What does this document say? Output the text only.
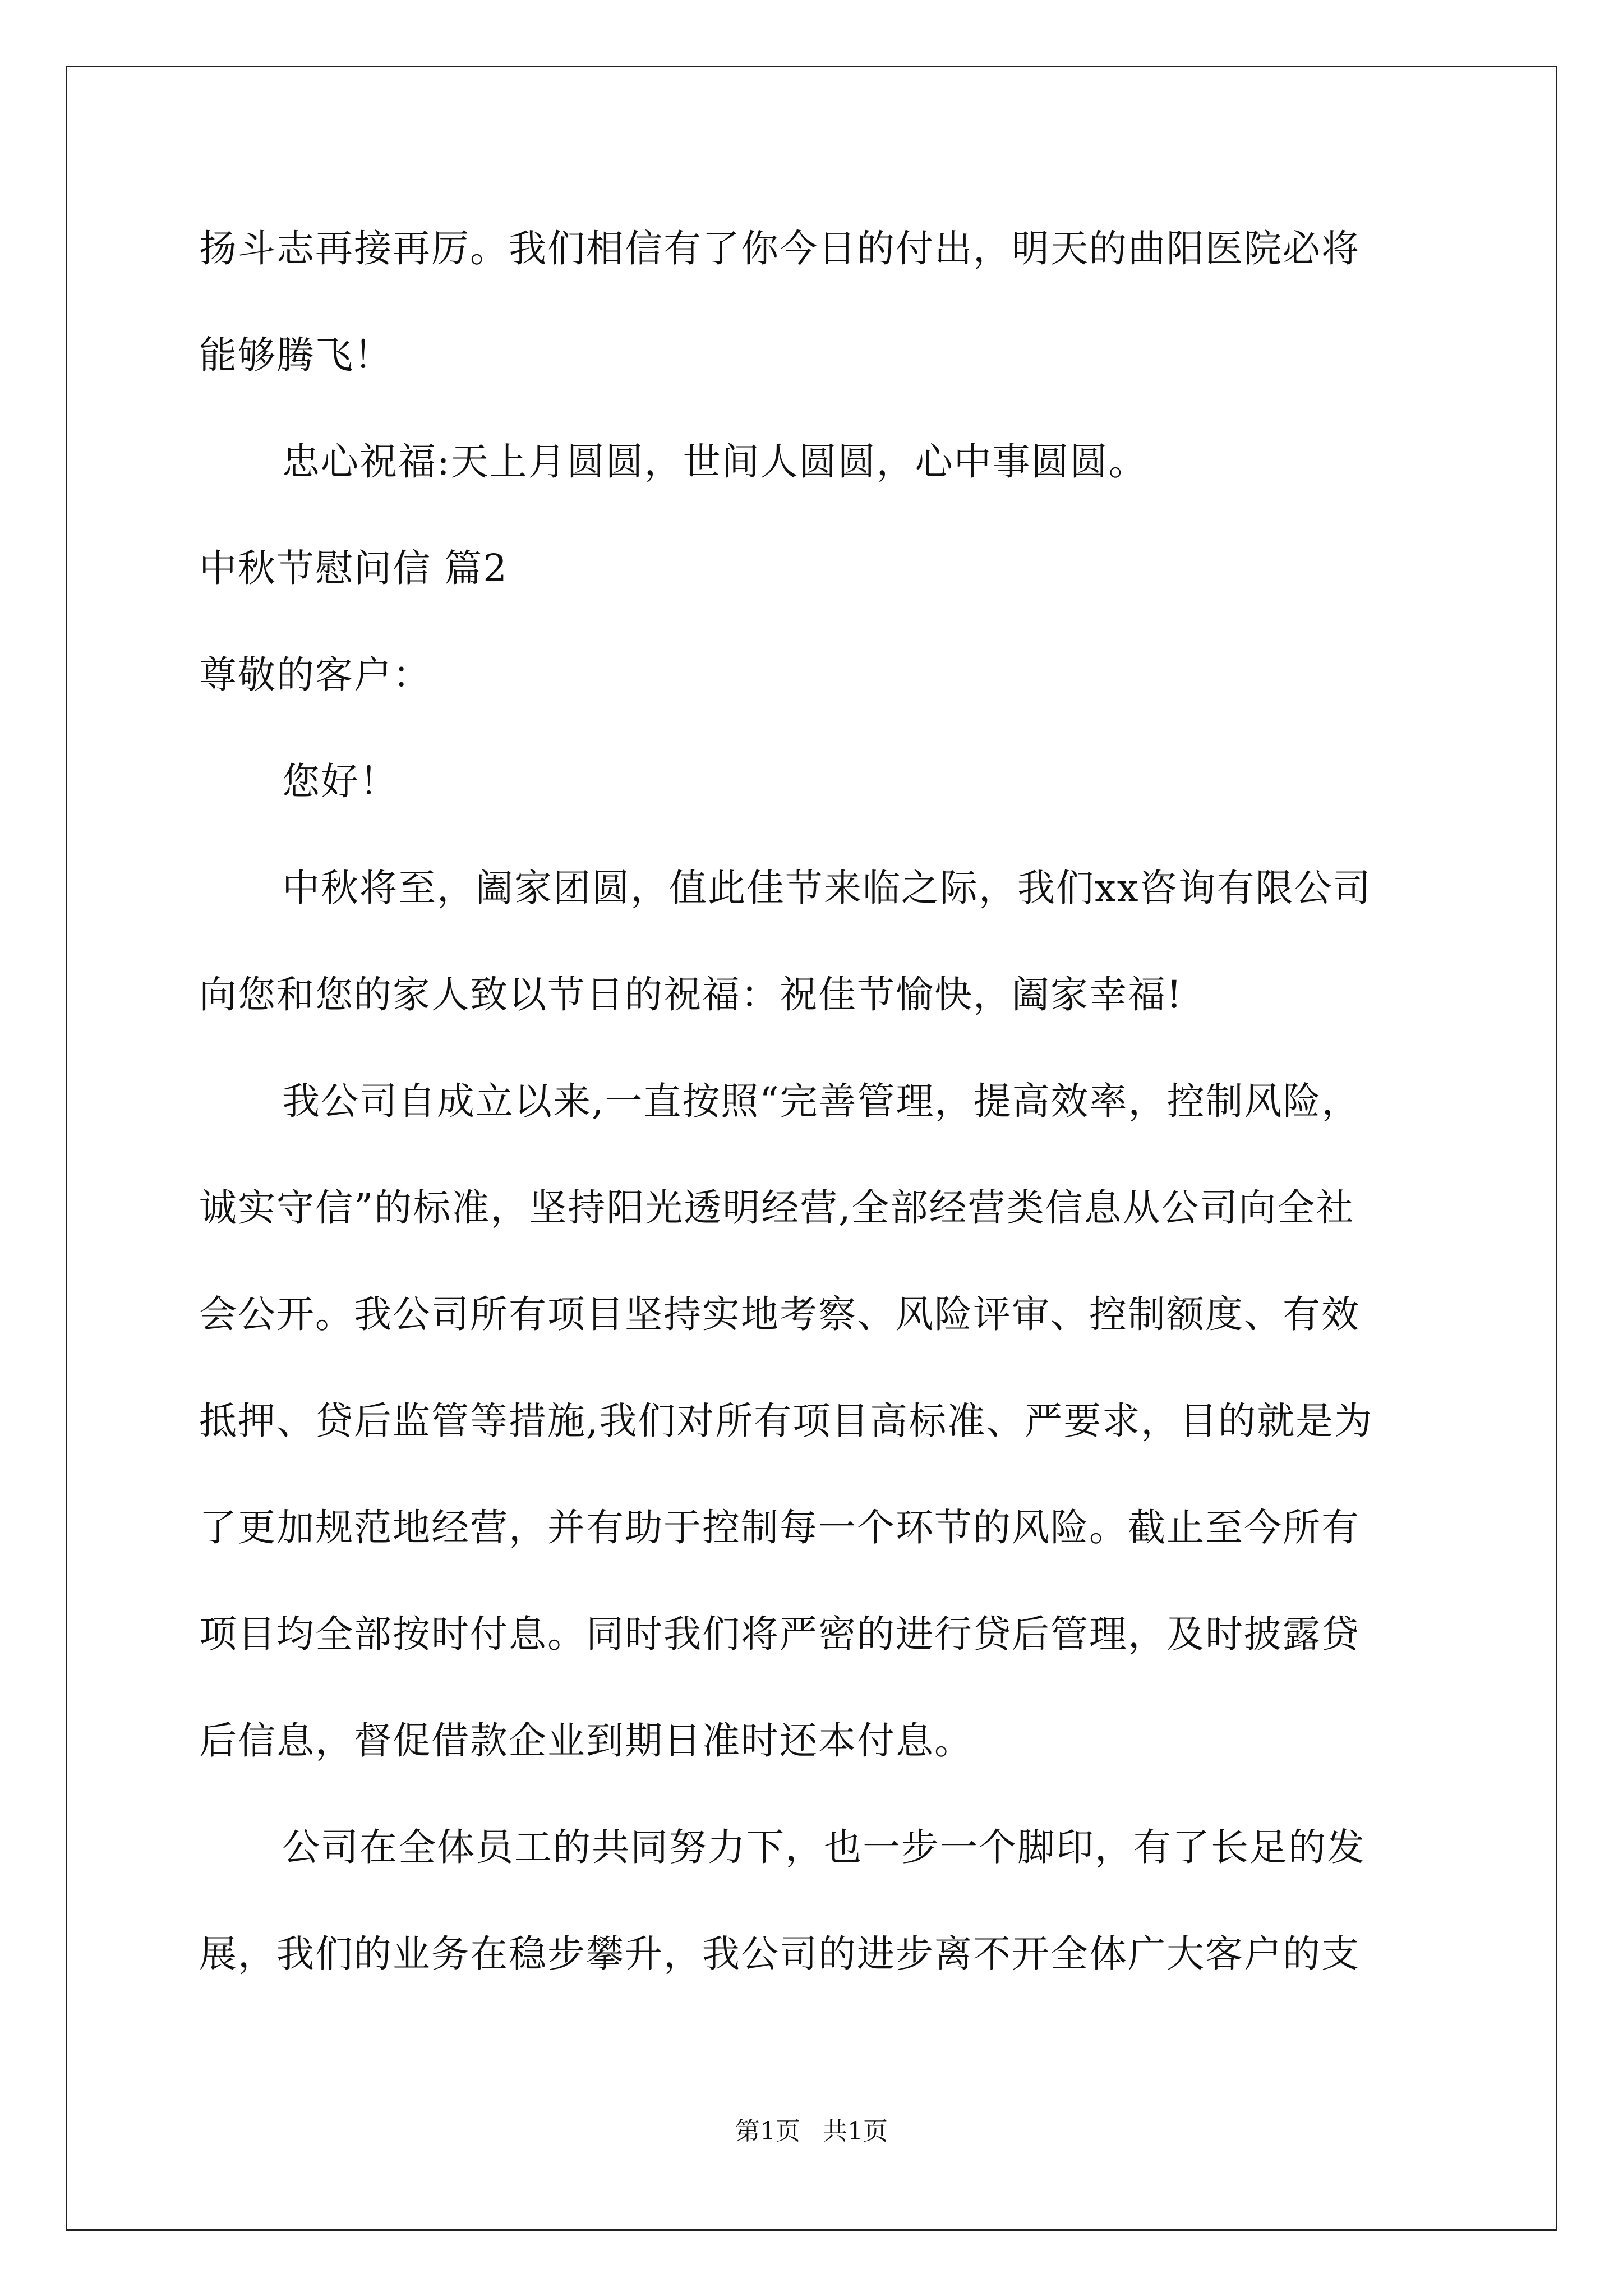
扬斗志再接再厉。我们相信有了你今日的付出，明天的曲阳医院必将
能够腾飞！
忠心祝福:天上月圆圆，世间人圆圆，心中事圆圆。
中秋节慰问信 篇2
尊敬的客户：
您好！
中秋将至，阖家团圆，值此佳节来临之际，我们xx咨询有限公司
向您和您的家人致以节日的祝福：祝佳节愉快，阖家幸福!
我公司自成立以来,一直按照“完善管理，提高效率，控制风险，
诚实守信”的标准，坚持阳光透明经营,全部经营类信息从公司向全社
会公开。我公司所有项目坚持实地考察、风险评审、控制额度、有效
抵押、贷后监管等措施,我们对所有项目高标准、严要求，目的就是为
了更加规范地经营，并有助于控制每一个环节的风险。截止至今所有
项目均全部按时付息。同时我们将严密的进行贷后管理，及时披露贷
后信息，督促借款企业到期日准时还本付息。
公司在全体员工的共同努力下，也一步一个脚印，有了长足的发
展，我们的业务在稳步攀升，我公司的进步离不开全体广大客户的支
第1页 共1页
